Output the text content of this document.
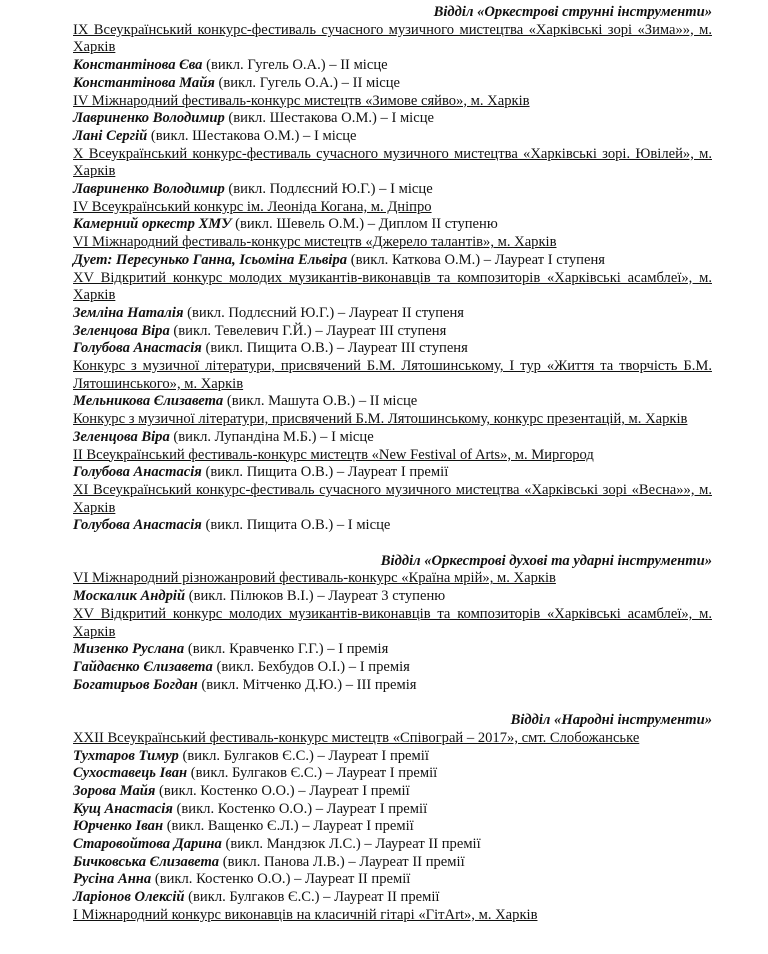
Відділ «Оркестрові струнні інструменти»
IX Всеукраїнський конкурс-фестиваль сучасного музичного мистецтва «Харківські зорі «Зима»», м. Харків
Константінова Єва (викл. Гугель О.А.) – ІІ місце
Константінова Майя (викл. Гугель О.А.) – ІІ місце
IV Міжнародний фестиваль-конкурс мистецтв «Зимове сяйво», м. Харків
Лавриненко Володимир (викл. Шестакова О.М.) – І місце
Лані Сергій (викл. Шестакова О.М.) – І місце
Х Всеукраїнський конкурс-фестиваль сучасного музичного мистецтва «Харківські зорі. Ювілей», м. Харків
Лавриненко Володимир (викл. Подлєсний Ю.Г.) – І місце
IV Всеукраїнський конкурс ім. Леоніда Когана, м. Дніпро
Камерний оркестр ХМУ (викл. Шевель О.М.) – Диплом ІІ ступеню
VI Міжнародний фестиваль-конкурс мистецтв «Джерело талантів», м. Харків
Дует: Пересунько Ганна, Ісьоміна Ельвіра (викл. Каткова О.М.) – Лауреат І ступеня
XV Відкритий конкурс молодих музикантів-виконавців та композиторів «Харківські асамблеї», м. Харків
Земліна Наталія (викл. Подлєсний Ю.Г.) – Лауреат ІІ ступеня
Зеленцова Віра (викл. Тевелевич Г.Й.) – Лауреат ІІІ ступеня
Голубова Анастасія (викл. Пищита О.В.) – Лауреат ІІІ ступеня
Конкурс з музичної літератури, присвячений Б.М. Лятошинському, І тур «Життя та творчість Б.М. Лятошинського», м. Харків
Мельникова Єлизавета (викл. Машута О.В.) – ІІ місце
Конкурс з музичної літератури, присвячений Б.М. Лятошинському, конкурс презентацій, м. Харків
Зеленцова Віра (викл. Лупандіна М.Б.) – І місце
ІІ Всеукраїнський фестиваль-конкурс мистецтв «New Festival of Arts», м. Миргород
Голубова Анастасія (викл. Пищита О.В.) – Лауреат І премії
ХІ Всеукраїнський конкурс-фестиваль сучасного музичного мистецтва «Харківські зорі «Весна»», м. Харків
Голубова Анастасія (викл. Пищита О.В.) – І місце
Відділ «Оркестрові духові та ударні інструменти»
VI Міжнародний різножанровий фестиваль-конкурс «Країна мрій», м. Харків
Москалик Андрій (викл. Пілюков В.І.) – Лауреат 3 ступеню
XV Відкритий конкурс молодих музикантів-виконавців та композиторів «Харківські асамблеї», м. Харків
Мизенко Руслана (викл. Кравченко Г.Г.) – І премія
Гайдаєнко Єлизавета (викл. Бехбудов О.І.) – І премія
Богатирьов Богдан (викл. Мітченко Д.Ю.) – ІІІ премія
Відділ «Народні інструменти»
XXII Всеукраїнський фестиваль-конкурс мистецтв «Співограй – 2017», смт. Слобожанське
Тухтаров Тимур (викл. Булгаков Є.С.) – Лауреат І премії
Сухоставець Іван (викл. Булгаков Є.С.) – Лауреат І премії
Зорова Майя (викл. Костенко О.О.) – Лауреат І премії
Кущ Анастасія (викл. Костенко О.О.) – Лауреат І премії
Юрченко Іван (викл. Ващенко Є.Л.) – Лауреат І премії
Старовойтова Дарина (викл. Мандзюк Л.С.) – Лауреат ІІ премії
Бичковська Єлизавета (викл. Панова Л.В.) – Лауреат ІІ премії
Русіна Анна (викл. Костенко О.О.) – Лауреат ІІ премії
Ларіонов Олексій (викл. Булгаков Є.С.) – Лауреат ІІ премії
І Міжнародний конкурс виконавців на класичній гітарі «ГітArt», м. Харків
